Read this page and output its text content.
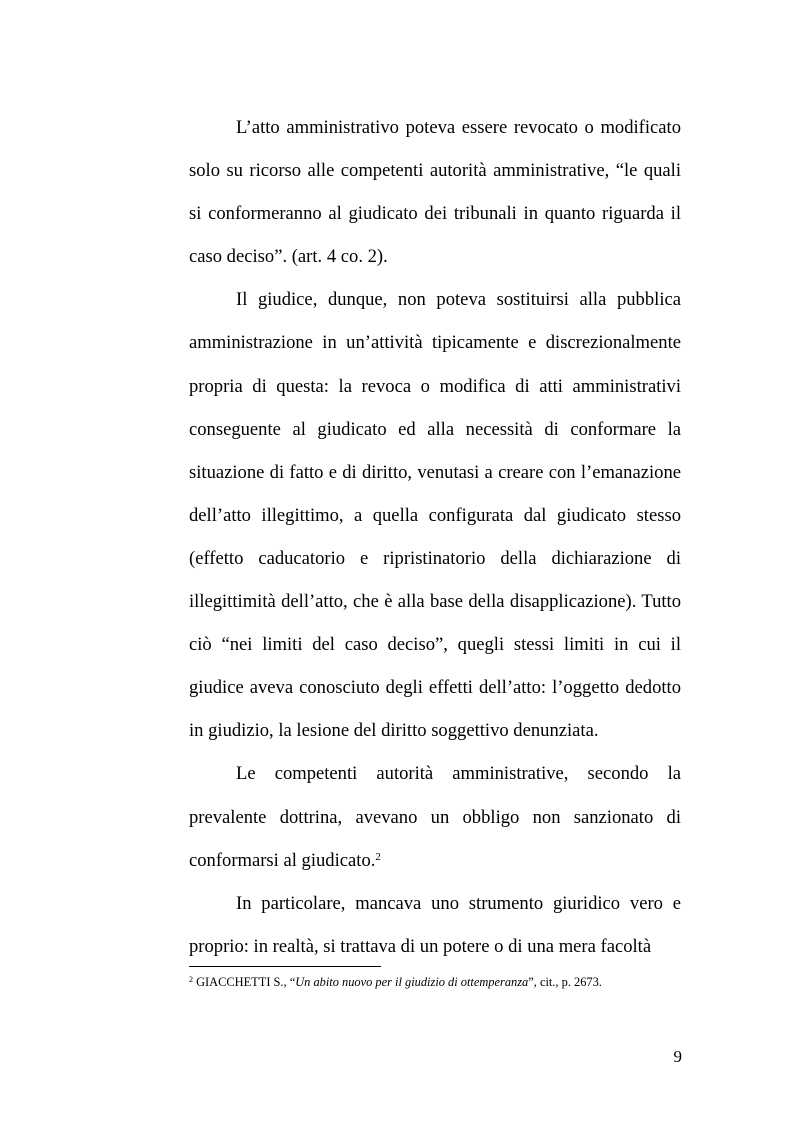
L’atto amministrativo poteva essere revocato o modificato solo su ricorso alle competenti autorità amministrative, “le quali si conformeranno al giudicato dei tribunali in quanto riguarda il caso deciso”. (art. 4 co. 2).

Il giudice, dunque, non poteva sostituirsi alla pubblica amministrazione in un’attività tipicamente e discrezionalmente propria di questa: la revoca o modifica di atti amministrativi conseguente al giudicato ed alla necessità di conformare la situazione di fatto e di diritto, venutasi a creare con l’emanazione dell’atto illegittimo, a quella configurata dal giudicato stesso (effetto caducatorio e ripristinatorio della dichiarazione di illegittimità dell’atto, che è alla base della disapplicazione). Tutto ciò “nei limiti del caso deciso”, quegli stessi limiti in cui il giudice aveva conosciuto degli effetti dell’atto: l’oggetto dedotto in giudizio, la lesione del diritto soggettivo denunziata.

Le competenti autorità amministrative, secondo la prevalente dottrina, avevano un obbligo non sanzionato di conformarsi al giudicato.$^2$

In particolare, mancava uno strumento giuridico vero e proprio: in realtà, si trattava di un potere o di una mera facoltà

$^2$ GIACCHETTI S., “Un abito nuovo per il giudizio di ottemperanza”, cit., p. 2673.
9
